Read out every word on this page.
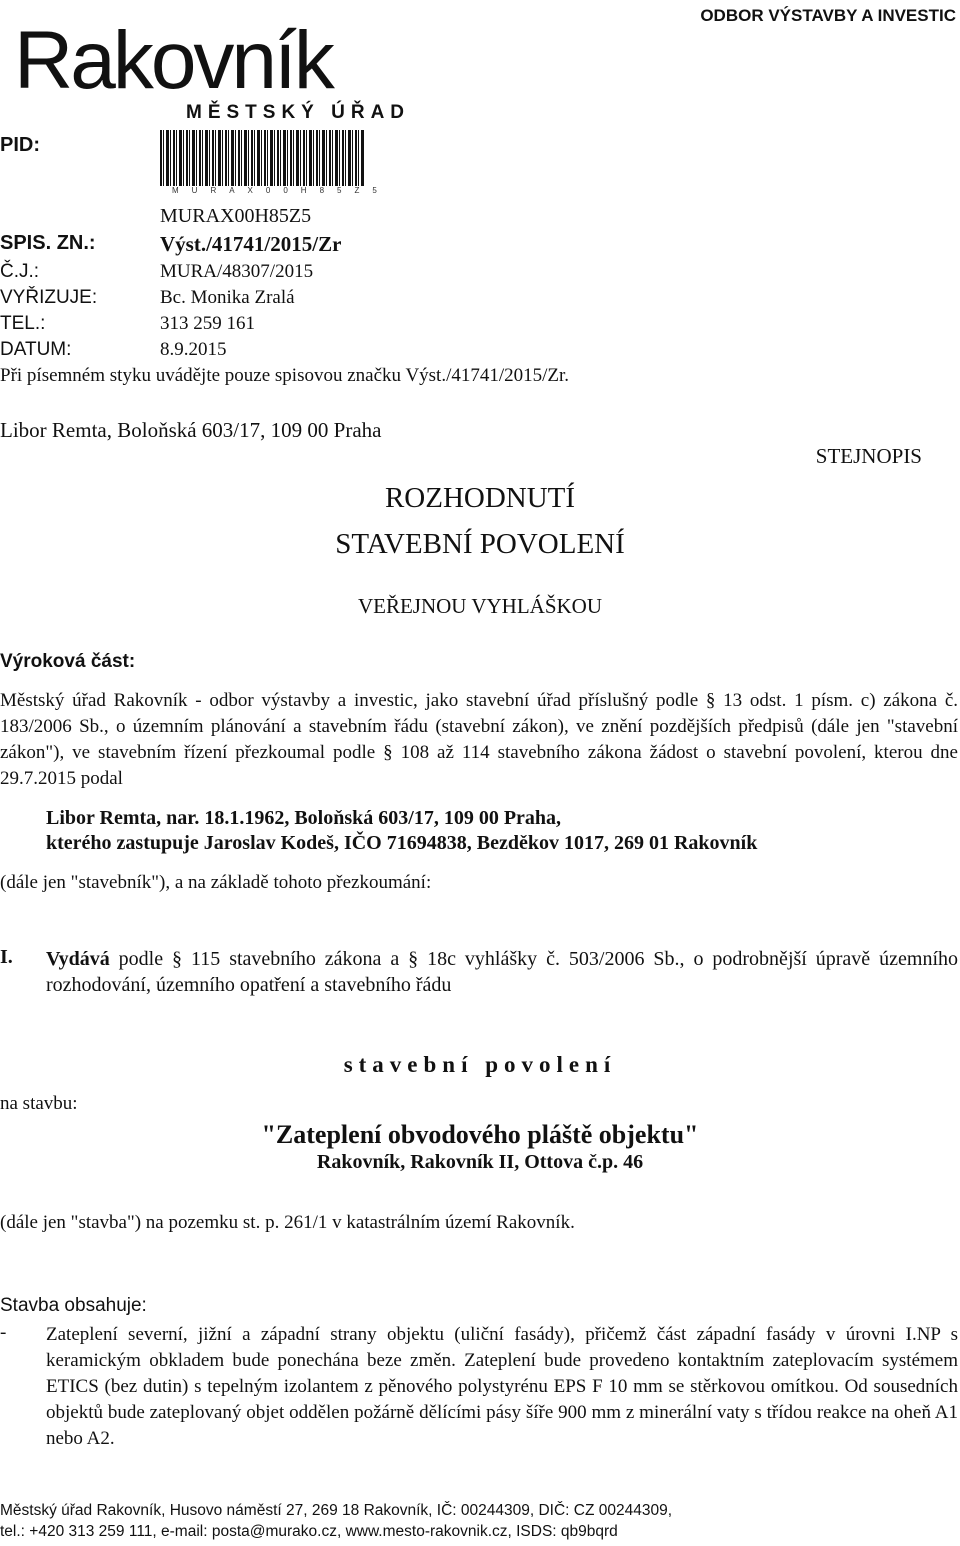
ODBOR VÝSTAVBY A INVESTIC
Rakovník
MĚSTSKÝ ÚŘAD
MURAX00H85Z5
PID:
MURAX00H85Z5
SPIS. ZN.:	Výst./41741/2015/Zr
Č.J.:	MURA/48307/2015
VYŘIZUJE:	Bc. Monika Zralá
TEL.:	313 259 161
DATUM:	8.9.2015
Při písemném styku uvádějte pouze spisovou značku Výst./41741/2015/Zr.
Libor Remta, Boloňská 603/17, 109 00 Praha
STEJNOPIS
ROZHODNUTÍ
STAVEBNÍ POVOLENÍ
VEŘEJNOU VYHLÁŠKOU
Výroková část:
Městský úřad Rakovník - odbor výstavby a investic, jako stavební úřad příslušný podle § 13 odst. 1 písm. c) zákona č. 183/2006 Sb., o územním plánování a stavebním řádu (stavební zákon), ve znění pozdějších předpisů (dále jen "stavební zákon"), ve stavebním řízení přezkoumal podle § 108 až 114 stavebního zákona žádost o stavební povolení, kterou dne 29.7.2015 podal
Libor Remta, nar. 18.1.1962, Boloňská 603/17, 109 00 Praha,
kterého zastupuje Jaroslav Kodeš, IČO 71694838, Bezděkov 1017, 269 01 Rakovník
(dále jen "stavebník"), a na základě tohoto přezkoumání:
I. Vydává podle § 115 stavebního zákona a § 18c vyhlášky č. 503/2006 Sb., o podrobnější úpravě územního rozhodování, územního opatření a stavebního řádu
stavební povolení
na stavbu:
"Zateplení obvodového pláště objektu"
Rakovník, Rakovník II, Ottova č.p. 46
(dále jen "stavba") na pozemku st. p. 261/1 v katastrálním území Rakovník.
Stavba obsahuje:
- Zateplení severní, jižní a západní strany objektu (uliční fasády), přičemž část západní fasády v úrovni I.NP s keramickým obkladem bude ponechána beze změn. Zateplení bude provedeno kontaktním zateplovacím systémem ETICS (bez dutin) s tepelným izolantem z pěnového polystyrénu EPS F 10 mm se stěrkovou omítkou. Od sousedních objektů bude zateplovaný objet oddělen požárně dělícími pásy šíře 900 mm z minerální vaty s třídou reakce na oheň A1 nebo A2.
Městský úřad Rakovník, Husovo náměstí 27, 269 18 Rakovník, IČ: 00244309, DIČ: CZ 00244309,
tel.: +420 313 259 111, e-mail: posta@murako.cz, www.mesto-rakovnik.cz, ISDS: qb9bqrd
